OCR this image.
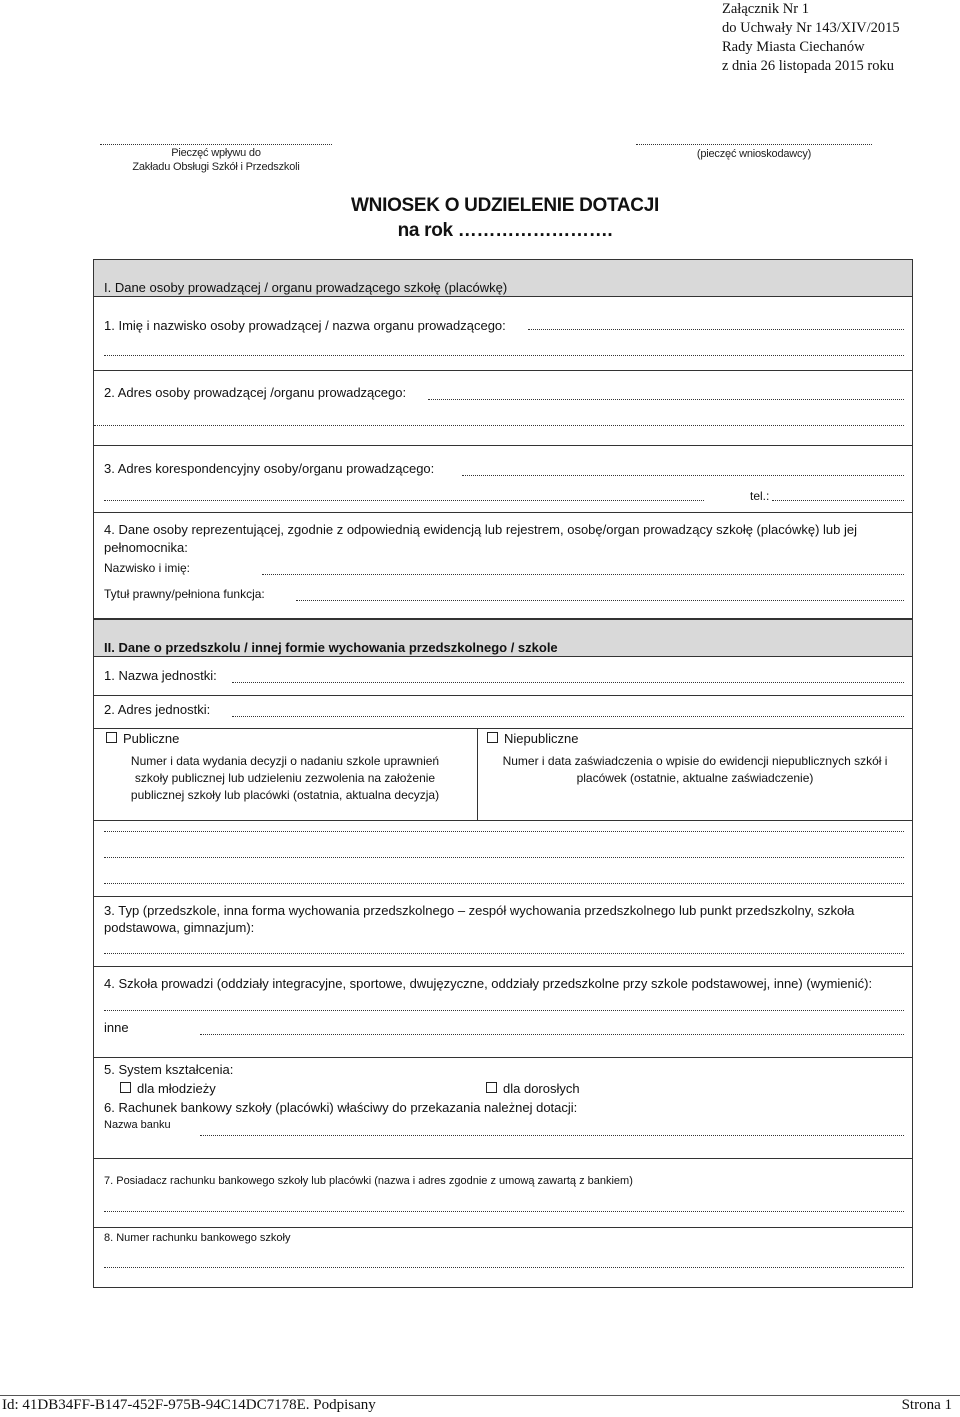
Załącznik Nr 1
do Uchwały Nr 143/XIV/2015
Rady Miasta Ciechanów
z dnia 26 listopada 2015 roku
Pieczęć wpływu do
Zakładu Obsługi Szkół i Przedszkoli
(pieczęć wnioskodawcy)
WNIOSEK O UDZIELENIE DOTACJI
na rok …………………….
I. Dane osoby prowadzącej / organu prowadzącego szkołę (placówkę)
1. Imię i nazwisko osoby prowadzącej / nazwa organu prowadzącego:
2. Adres osoby prowadzącej /organu prowadzącego:
3. Adres korespondencyjny osoby/organu prowadzącego:
tel.:
4. Dane osoby reprezentującej, zgodnie z odpowiednią ewidencją lub rejestrem, osobę/organ prowadzący szkołę (placówkę) lub jej
pełnomocnika:
Nazwisko i imię:
Tytuł prawny/pełniona funkcja:
II. Dane o przedszkolu / innej formie wychowania przedszkolnego / szkole
1. Nazwa jednostki:
2. Adres jednostki:
Publiczne
Numer i data wydania decyzji o nadaniu szkole uprawnień
szkoły publicznej lub udzieleniu zezwolenia na założenie
publicznej szkoły lub placówki (ostatnia, aktualna decyzja)
Niepubliczne
Numer i data zaświadczenia o wpisie do ewidencji niepublicznych szkół i
placówek (ostatnie, aktualne zaświadczenie)
3. Typ (przedszkole, inna forma wychowania przedszkolnego – zespół wychowania przedszkolnego lub punkt przedszkolny, szkoła
podstawowa, gimnazjum):
4. Szkoła prowadzi (oddziały integracyjne, sportowe, dwujęzyczne, oddziały przedszkolne przy szkole podstawowej, inne) (wymienić):
inne
5. System kształcenia:
dla młodzieży	dla dorosłych
6. Rachunek bankowy szkoły (placówki) właściwy do przekazania należnej dotacji:
Nazwa banku
7. Posiadacz rachunku bankowego szkoły lub placówki (nazwa i adres zgodnie z umową zawartą z bankiem)
8. Numer rachunku bankowego szkoły
Id: 41DB34FF-B147-452F-975B-94C14DC7178E. Podpisany	Strona 1
